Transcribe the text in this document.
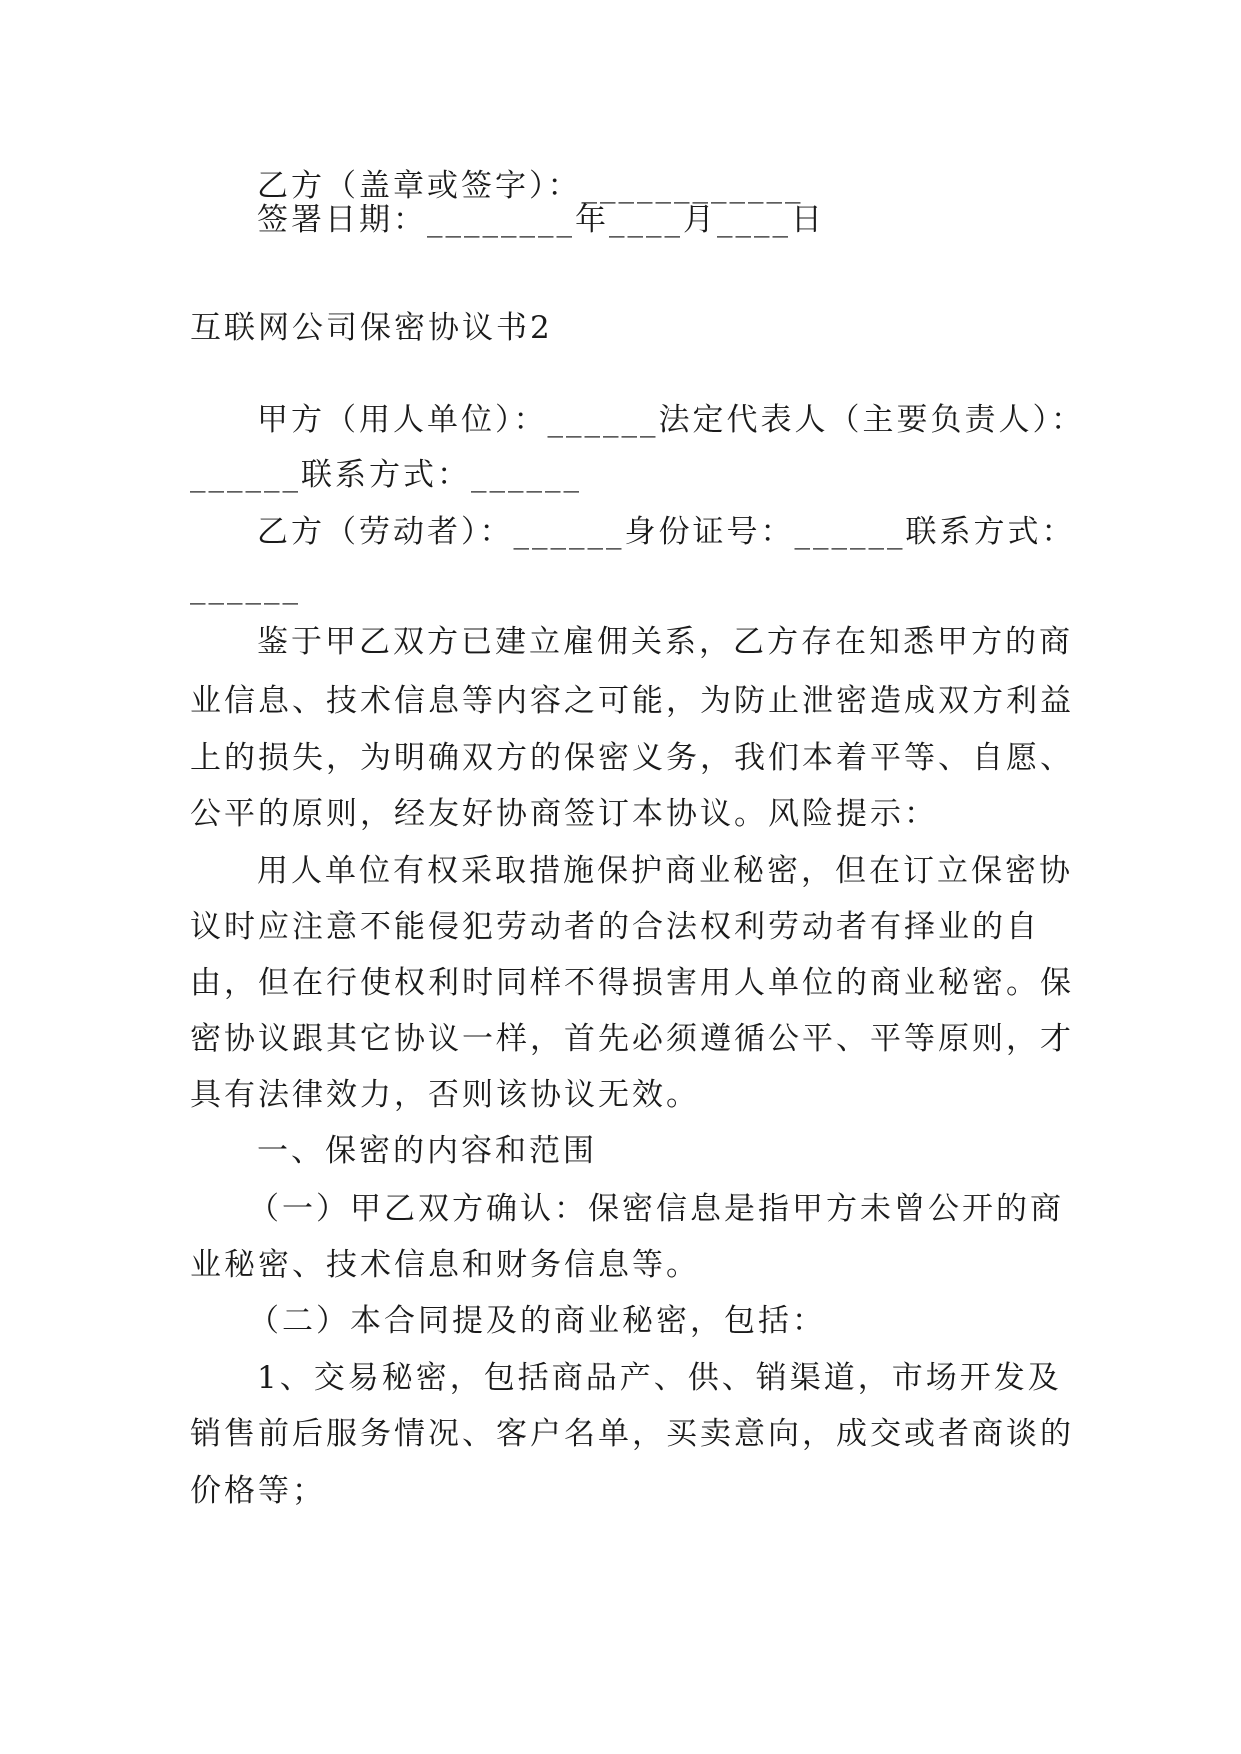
乙方（盖章或签字）：____________
签署日期：________年____月____日
互联网公司保密协议书2
甲方（用人单位）：______法定代表人（主要负责人）：
______联系方式：______
乙方（劳动者）：______身份证号：______联系方式：
______
鉴于甲乙双方已建立雇佣关系，乙方存在知悉甲方的商
业信息、技术信息等内容之可能，为防止泄密造成双方利益
上的损失，为明确双方的保密义务，我们本着平等、自愿、
公平的原则，经友好协商签订本协议。风险提示：
用人单位有权采取措施保护商业秘密，但在订立保密协
议时应注意不能侵犯劳动者的合法权利劳动者有择业的自
由，但在行使权利时同样不得损害用人单位的商业秘密。保
密协议跟其它协议一样，首先必须遵循公平、平等原则，才
具有法律效力，否则该协议无效。
一、保密的内容和范围
（一）甲乙双方确认：保密信息是指甲方未曾公开的商
业秘密、技术信息和财务信息等。
（二）本合同提及的商业秘密，包括：
1、交易秘密，包括商品产、供、销渠道，市场开发及
销售前后服务情况、客户名单，买卖意向，成交或者商谈的
价格等；
